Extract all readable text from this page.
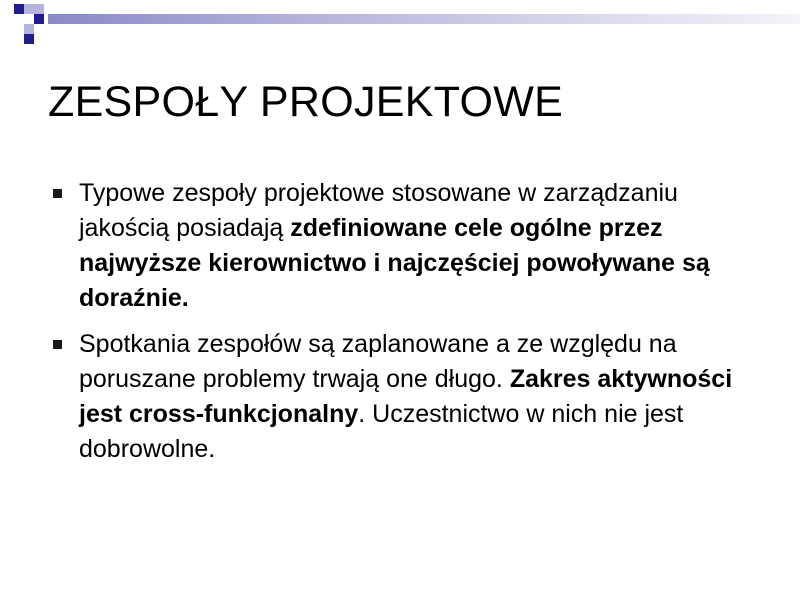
ZESPOŁY PROJEKTOWE
Typowe zespoły projektowe stosowane w zarządzaniu jakością posiadają zdefiniowane cele ogólne przez najwyższe kierownictwo i najczęściej powoływane są doraźnie.
Spotkania zespołów są zaplanowane a ze względu na poruszane problemy trwają one długo. Zakres aktywności jest cross-funkcjonalny. Uczestnictwo w nich nie jest dobrowolne.
